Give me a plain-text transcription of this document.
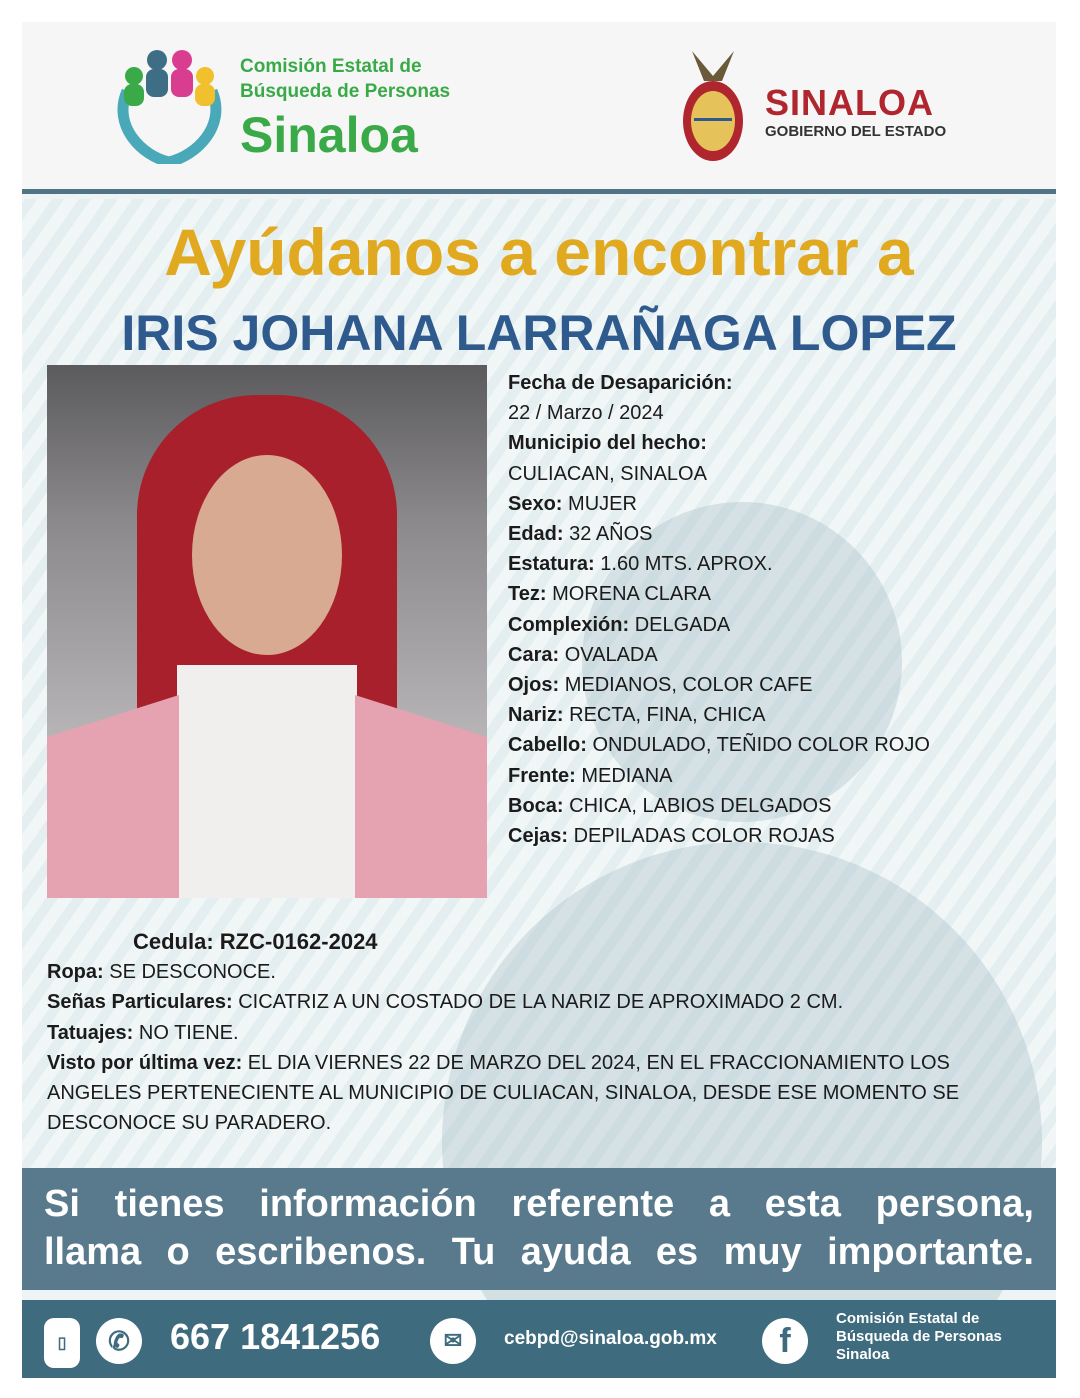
Comisión Estatal de
Búsqueda de Personas
Sinaloa
SINALOA
GOBIERNO DEL ESTADO
Ayúdanos a encontrar a
IRIS JOHANA LARRAÑAGA LOPEZ
Fecha de Desaparición:
22 / Marzo / 2024
Municipio del hecho:
CULIACAN, SINALOA
Sexo: MUJER
Edad: 32 AÑOS
Estatura: 1.60 MTS. APROX.
Tez: MORENA CLARA
Complexión: DELGADA
Cara: OVALADA
Ojos: MEDIANOS, COLOR CAFE
Nariz: RECTA, FINA, CHICA
Cabello: ONDULADO, TEÑIDO COLOR ROJO
Frente: MEDIANA
Boca: CHICA, LABIOS DELGADOS
Cejas: DEPILADAS COLOR ROJAS
Cedula: RZC-0162-2024
Ropa: SE DESCONOCE.
Señas Particulares: CICATRIZ A UN COSTADO DE LA NARIZ DE APROXIMADO 2 CM.
Tatuajes: NO TIENE.
Visto por última vez: EL DIA VIERNES 22 DE MARZO DEL 2024, EN EL FRACCIONAMIENTO LOS ANGELES PERTENECIENTE AL MUNICIPIO DE CULIACAN, SINALOA, DESDE ESE MOMENTO SE DESCONOCE SU PARADERO.
Si tienes información referente a esta persona,
llama o escribenos. Tu ayuda es muy importante.
▯	✆	667 1841256	✉	cebpd@sinaloa.gob.mx	f
Comisión Estatal de
Búsqueda de Personas
Sinaloa
